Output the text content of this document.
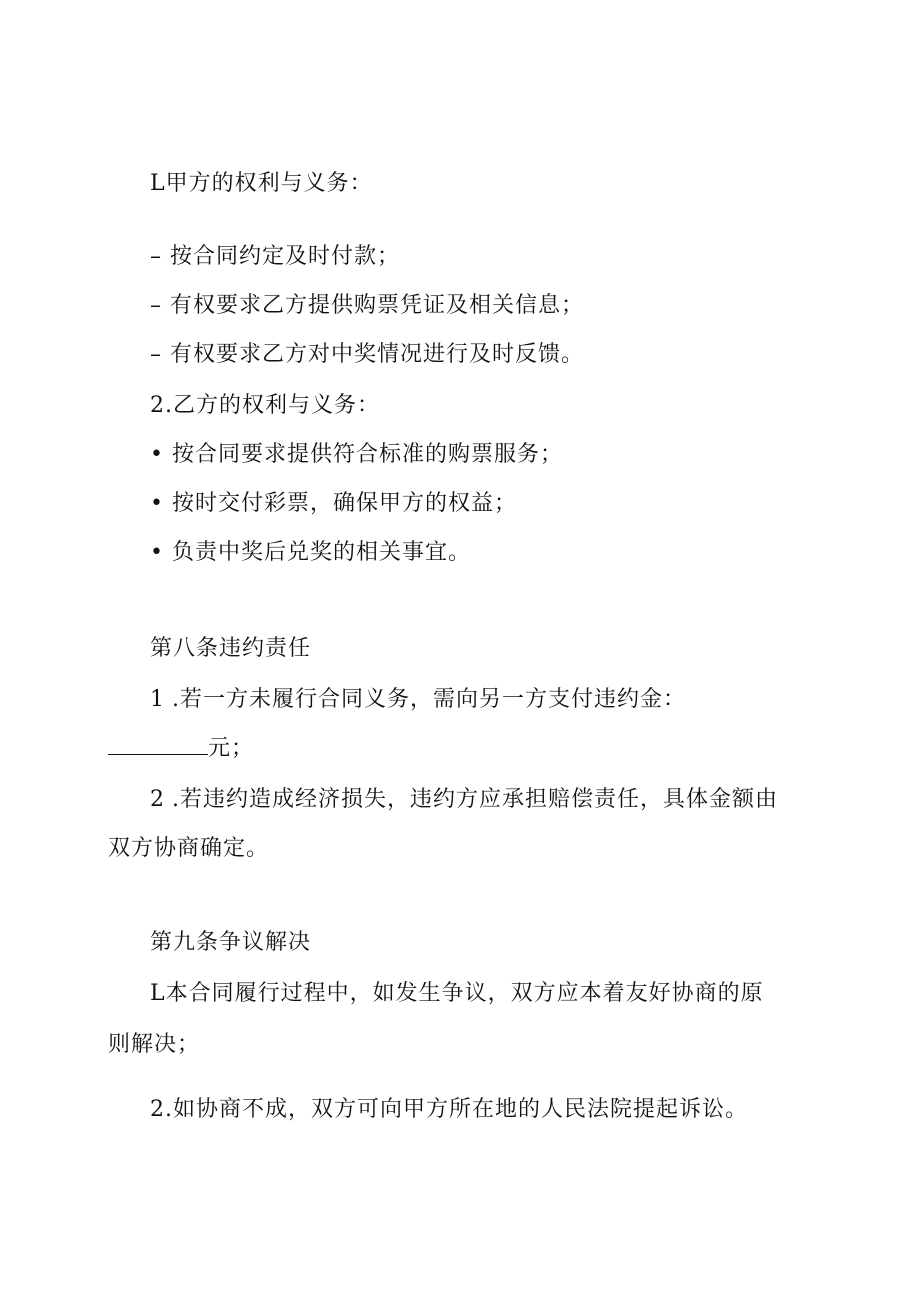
L甲方的权利与义务：
– 按合同约定及时付款；
– 有权要求乙方提供购票凭证及相关信息；
– 有权要求乙方对中奖情况进行及时反馈。
2.乙方的权利与义务：
• 按合同要求提供符合标准的购票服务；
• 按时交付彩票，确保甲方的权益；
• 负责中奖后兑奖的相关事宜。
第八条违约责任
1 .若一方未履行合同义务，需向另一方支付违约金：
元；
2 .若违约造成经济损失，违约方应承担赔偿责任，具体金额由
双方协商确定。
第九条争议解决
L本合同履行过程中，如发生争议，双方应本着友好协商的原
则解决；
2.如协商不成，双方可向甲方所在地的人民法院提起诉讼。
